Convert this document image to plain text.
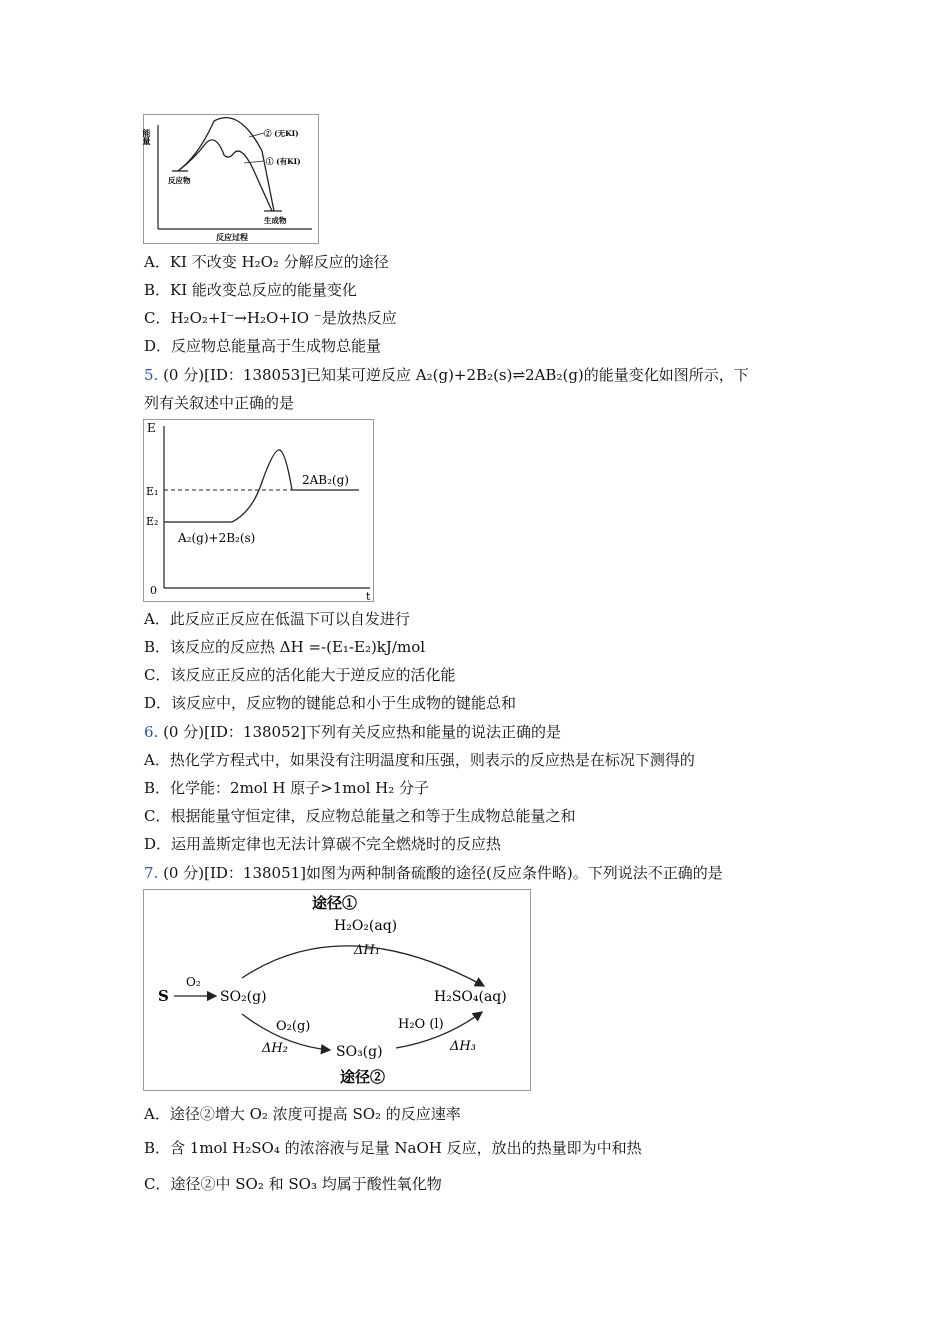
能量
反应过程
反应物
生成物
② (无KI)
① (有KI)
A．KI 不改变 H₂O₂ 分解反应的途径
B．KI 能改变总反应的能量变化
C．H₂O₂+I⁻→H₂O+IO ⁻是放热反应
D．反应物总能量高于生成物总能量
5. (0 分)[ID：138053]已知某可逆反应 A₂(g)+2B₂(s)⇌2AB₂(g)的能量变化如图所示，下
列有关叙述中正确的是
E
t
0
E₁
E₂
2AB₂(g)
A₂(g)+2B₂(s)
A．此反应正反应在低温下可以自发进行
B．该反应的反应热 ΔH =-(E₁-E₂)kJ/mol
C．该反应正反应的活化能大于逆反应的活化能
D．该反应中，反应物的键能总和小于生成物的键能总和
6. (0 分)[ID：138052]下列有关反应热和能量的说法正确的是
A．热化学方程式中，如果没有注明温度和压强，则表示的反应热是在标况下测得的
B．化学能：2mol H 原子>1mol H₂ 分子
C．根据能量守恒定律，反应物总能量之和等于生成物总能量之和
D．运用盖斯定律也无法计算碳不完全燃烧时的反应热
7. (0 分)[ID：138051]如图为两种制备硫酸的途径(反应条件略)。下列说法不正确的是
途径①
H₂O₂(aq)
ΔH₁
S
O₂
SO₂(g)	H₂SO₄(aq)
O₂(g)
ΔH₂	SO₃(g)
H₂O (l)
ΔH₃
途径②
A．途径②增大 O₂ 浓度可提高 SO₂ 的反应速率
B．含 1mol H₂SO₄ 的浓溶液与足量 NaOH 反应，放出的热量即为中和热
C．途径②中 SO₂ 和 SO₃ 均属于酸性氧化物
